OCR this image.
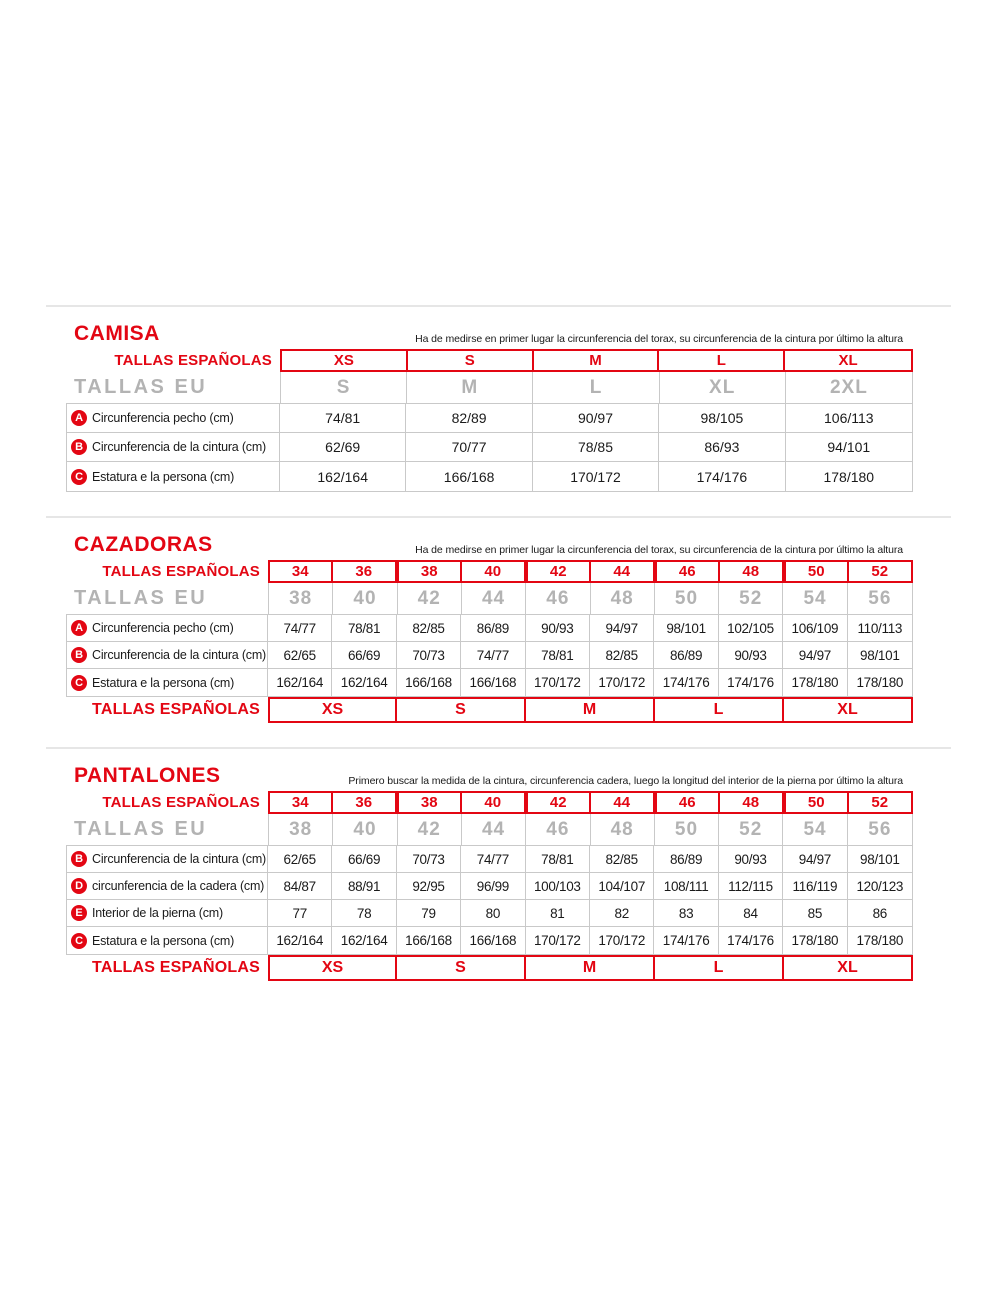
CAMISA	Ha de medirse en primer lugar la circunferencia del torax, su circunferencia de la cintura por último la altura
TALLAS ESPAÑOLAS	XS	S	M	L	XL
TALLAS EU	S	M	L	XL	2XL
A Circunferencia pecho (cm)	74/81	82/89	90/97	98/105	106/113
B Circunferencia de la cintura (cm)	62/69	70/77	78/85	86/93	94/101
C Estatura e la persona (cm)	162/164	166/168	170/172	174/176	178/180
CAZADORAS	Ha de medirse en primer lugar la circunferencia del torax, su circunferencia de la cintura por último la altura
TALLAS ESPAÑOLAS	34	36	38	40	42	44	46	48	50	52
TALLAS EU	38	40	42	44	46	48	50	52	54	56
A Circunferencia pecho (cm)	74/77	78/81	82/85	86/89	90/93	94/97	98/101	102/105	106/109	110/113
B Circunferencia de la cintura (cm)	62/65	66/69	70/73	74/77	78/81	82/85	86/89	90/93	94/97	98/101
C Estatura e la persona (cm)	162/164	162/164	166/168	166/168	170/172	170/172	174/176	174/176	178/180	178/180
TALLAS ESPAÑOLAS	XS	S	M	L	XL
PANTALONES	Primero buscar la medida de la cintura, circunferencia cadera, luego la longitud del interior de la pierna por último la altura
TALLAS ESPAÑOLAS	34	36	38	40	42	44	46	48	50	52
TALLAS EU	38	40	42	44	46	48	50	52	54	56
B Circunferencia de la cintura (cm)	62/65	66/69	70/73	74/77	78/81	82/85	86/89	90/93	94/97	98/101
D circunferencia de la cadera (cm)	84/87	88/91	92/95	96/99	100/103	104/107	108/111	112/115	116/119	120/123
E Interior de la pierna (cm)	77	78	79	80	81	82	83	84	85	86
C Estatura e la persona (cm)	162/164	162/164	166/168	166/168	170/172	170/172	174/176	174/176	178/180	178/180
TALLAS ESPAÑOLAS	XS	S	M	L	XL
